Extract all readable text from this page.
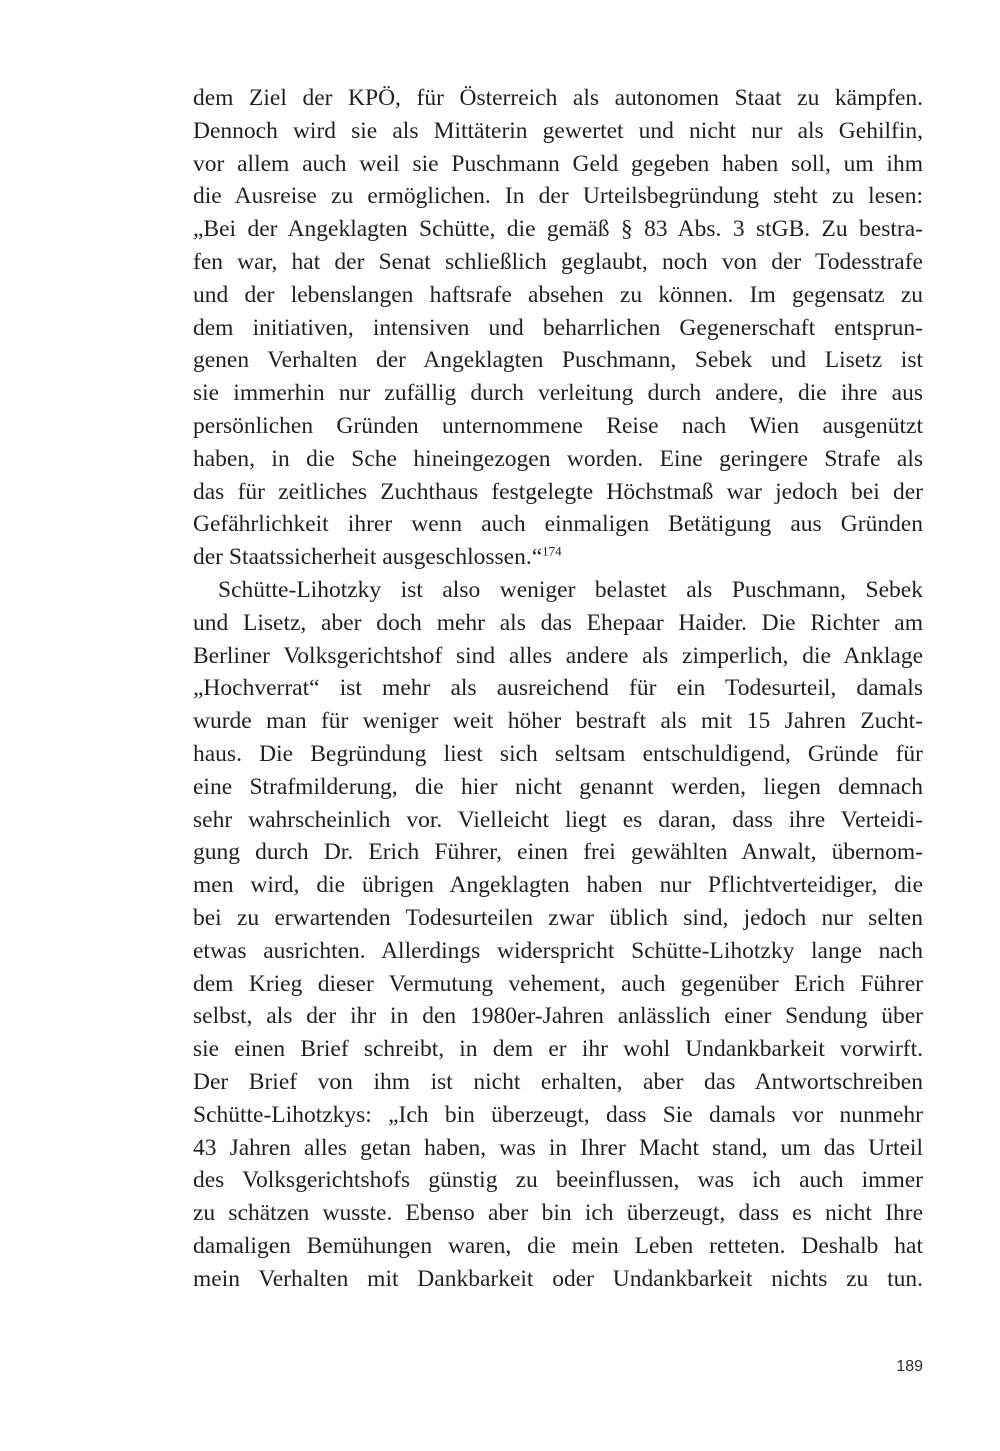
dem Ziel der KPÖ, für Österreich als autonomen Staat zu kämpfen.
Dennoch wird sie als Mittäterin gewertet und nicht nur als Gehilfin,
vor allem auch weil sie Puschmann Geld gegeben haben soll, um ihm
die Ausreise zu ermöglichen. In der Urteilsbegründung steht zu lesen:
„Bei der Angeklagten Schütte, die gemäß § 83 Abs. 3 stGB. Zu bestra-
fen war, hat der Senat schließlich geglaubt, noch von der Todesstrafe
und der lebenslangen haftsrafe absehen zu können. Im gegensatz zu
dem initiativen, intensiven und beharrlichen Gegenerschaft entsprun-
genen Verhalten der Angeklagten Puschmann, Sebek und Lisetz ist
sie immerhin nur zufällig durch verleitung durch andere, die ihre aus
persönlichen Gründen unternommene Reise nach Wien ausgenützt
haben, in die Sche hineingezogen worden. Eine geringere Strafe als
das für zeitliches Zuchthaus festgelegte Höchstmaß war jedoch bei der
Gefährlichkeit ihrer wenn auch einmaligen Betätigung aus Gründen
der Staatssicherheit ausgeschlossen.“$^{174}$
Schütte-Lihotzky ist also weniger belastet als Puschmann, Sebek
und Lisetz, aber doch mehr als das Ehepaar Haider. Die Richter am
Berliner Volksgerichtshof sind alles andere als zimperlich, die Anklage
„Hochverrat“ ist mehr als ausreichend für ein Todesurteil, damals
wurde man für weniger weit höher bestraft als mit 15 Jahren Zucht-
haus. Die Begründung liest sich seltsam entschuldigend, Gründe für
eine Strafmilderung, die hier nicht genannt werden, liegen demnach
sehr wahrscheinlich vor. Vielleicht liegt es daran, dass ihre Verteidi-
gung durch Dr. Erich Führer, einen frei gewählten Anwalt, übernom-
men wird, die übrigen Angeklagten haben nur Pflichtverteidiger, die
bei zu erwartenden Todesurteilen zwar üblich sind, jedoch nur selten
etwas ausrichten. Allerdings widerspricht Schütte-Lihotzky lange nach
dem Krieg dieser Vermutung vehement, auch gegenüber Erich Führer
selbst, als der ihr in den 1980er-Jahren anlässlich einer Sendung über
sie einen Brief schreibt, in dem er ihr wohl Undankbarkeit vorwirft.
Der Brief von ihm ist nicht erhalten, aber das Antwortschreiben
Schütte-Lihotzkys: „Ich bin überzeugt, dass Sie damals vor nunmehr
43 Jahren alles getan haben, was in Ihrer Macht stand, um das Urteil
des Volksgerichtshofs günstig zu beeinflussen, was ich auch immer
zu schätzen wusste. Ebenso aber bin ich überzeugt, dass es nicht Ihre
damaligen Bemühungen waren, die mein Leben retteten. Deshalb hat
mein Verhalten mit Dankbarkeit oder Undankbarkeit nichts zu tun.
189
